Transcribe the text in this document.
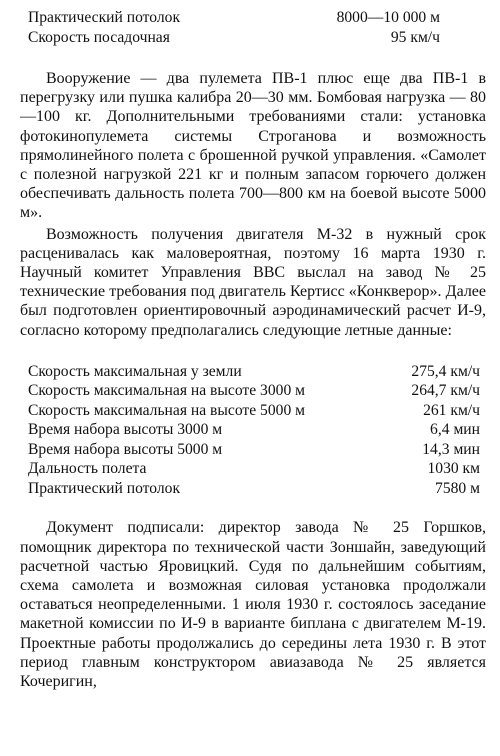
Практический потолок	8000—10 000 м
Скорость посадочная	95 км/ч

Вооружение — два пулемета ПВ-1 плюс еще два ПВ-1 в перегрузку или пушка калибра 20—30 мм. Бомбовая нагрузка — 80—100 кг. Дополнительными требованиями стали: установка фотокинопулемета системы Строганова и возможность прямолинейного полета с брошенной ручкой управления. «Самолет с полезной нагрузкой 221 кг и полным запасом горючего должен обеспечивать дальность полета 700—800 км на боевой высоте 5000 м».

Возможность получения двигателя М-32 в нужный срок расценивалась как маловероятная, поэтому 16 марта 1930 г. Научный комитет Управления ВВС выслал на завод № 25 технические требования под двигатель Кертисс «Конкверор». Далее был подготовлен ориентировочный аэродинамический расчет И-9, согласно которому предполагались следующие летные данные:

Скорость максимальная у земли	275,4 км/ч
Скорость максимальная на высоте 3000 м	264,7 км/ч
Скорость максимальная на высоте 5000 м	261 км/ч
Время набора высоты 3000 м	6,4 мин
Время набора высоты 5000 м	14,3 мин
Дальность полета	1030 км
Практический потолок	7580 м

Документ подписали: директор завода № 25 Горшков, помощник директора по технической части Зоншайн, заведующий расчетной частью Яровицкий. Судя по дальнейшим событиям, схема самолета и возможная силовая установка продолжали оставаться неопределенными. 1 июля 1930 г. состоялось заседание макетной комиссии по И-9 в варианте биплана с двигателем М-19. Проектные работы продолжались до середины лета 1930 г. В этот период главным конструктором авиазавода № 25 является Кочеригин,
